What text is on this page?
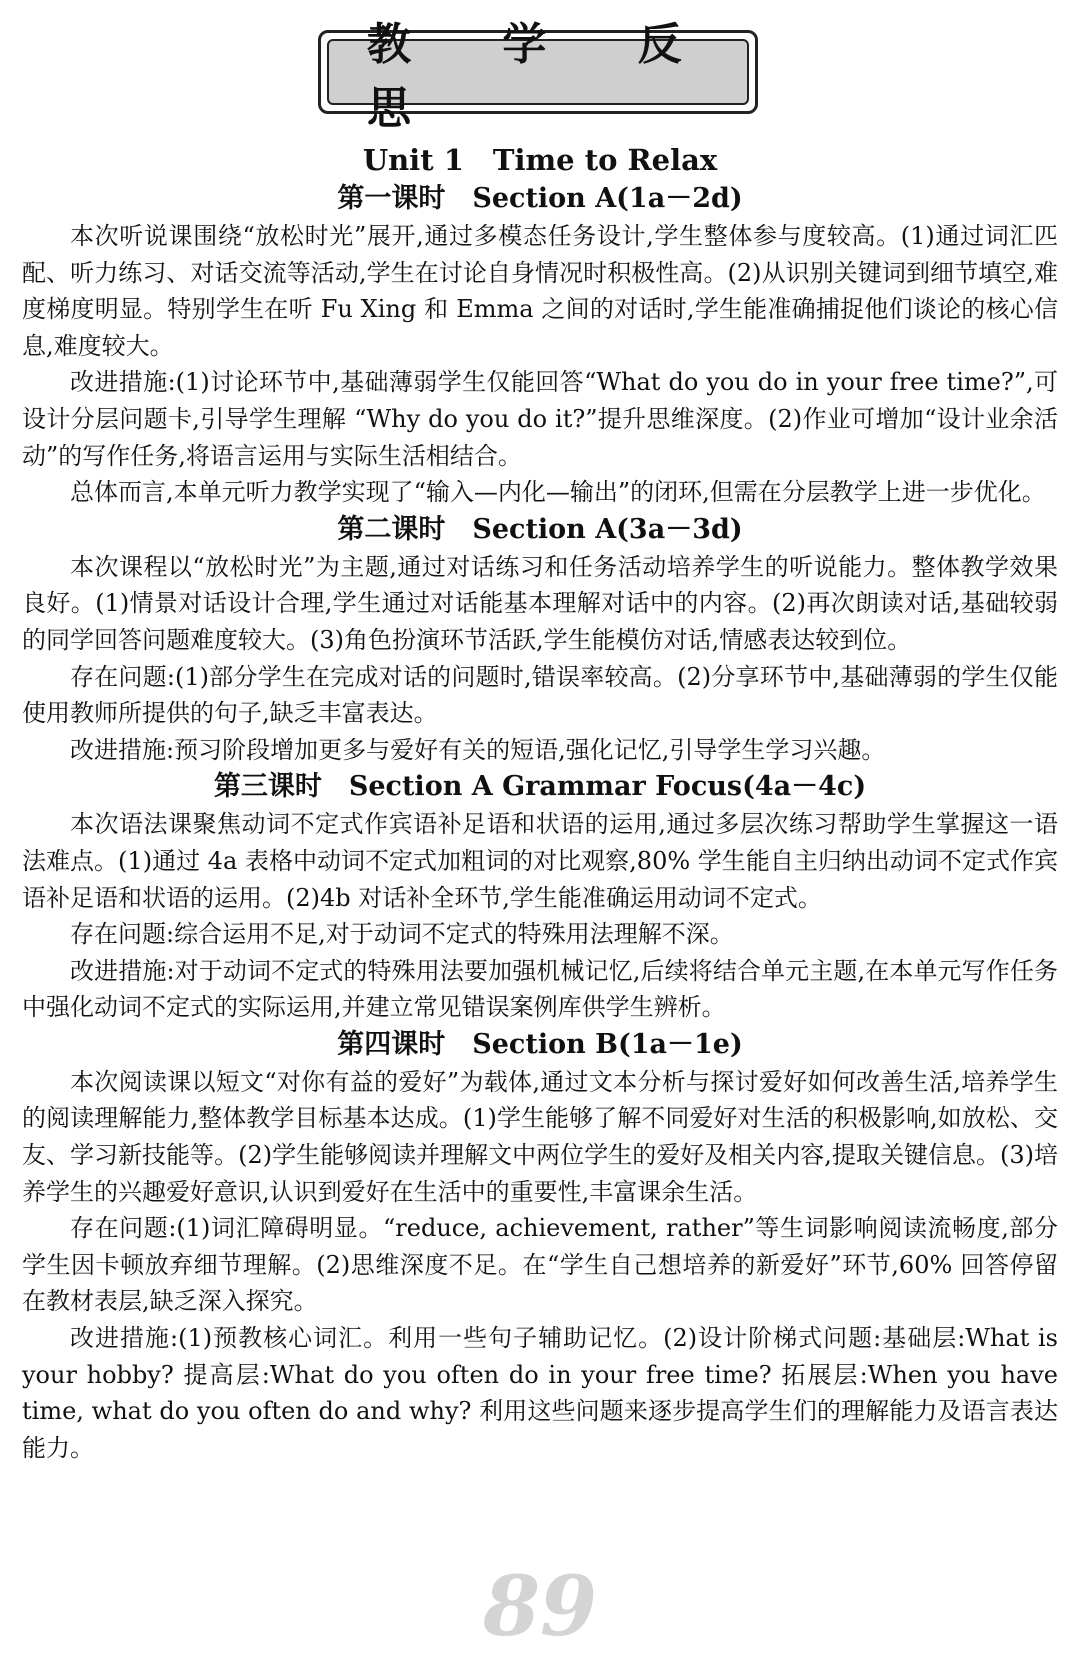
教 学 反 思
89
Unit 1　Time to Relax
第一课时　Section A(1a－2d)

本次听说课围绕“放松时光”展开,通过多模态任务设计,学生整体参与度较高。(1)通过词汇匹配、听力练习、对话交流等活动,学生在讨论自身情况时积极性高。(2)从识别关键词到细节填空,难度梯度明显。特别学生在听 Fu Xing 和 Emma 之间的对话时,学生能准确捕捉他们谈论的核心信息,难度较大。

改进措施:(1)讨论环节中,基础薄弱学生仅能回答“What do you do in your free time?”,可设计分层问题卡,引导学生理解 “Why do you do it?”提升思维深度。(2)作业可增加“设计业余活动”的写作任务,将语言运用与实际生活相结合。

总体而言,本单元听力教学实现了“输入—内化—输出”的闭环,但需在分层教学上进一步优化。

第二课时　Section A(3a－3d)

本次课程以“放松时光”为主题,通过对话练习和任务活动培养学生的听说能力。整体教学效果良好。(1)情景对话设计合理,学生通过对话能基本理解对话中的内容。(2)再次朗读对话,基础较弱的同学回答问题难度较大。(3)角色扮演环节活跃,学生能模仿对话,情感表达较到位。

存在问题:(1)部分学生在完成对话的问题时,错误率较高。(2)分享环节中,基础薄弱的学生仅能使用教师所提供的句子,缺乏丰富表达。

改进措施:预习阶段增加更多与爱好有关的短语,强化记忆,引导学生学习兴趣。

第三课时　Section A Grammar Focus(4a－4c)

本次语法课聚焦动词不定式作宾语补足语和状语的运用,通过多层次练习帮助学生掌握这一语法难点。(1)通过 4a 表格中动词不定式加粗词的对比观察,80% 学生能自主归纳出动词不定式作宾语补足语和状语的运用。(2)4b 对话补全环节,学生能准确运用动词不定式。

存在问题:综合运用不足,对于动词不定式的特殊用法理解不深。

改进措施:对于动词不定式的特殊用法要加强机械记忆,后续将结合单元主题,在本单元写作任务中强化动词不定式的实际运用,并建立常见错误案例库供学生辨析。

第四课时　Section B(1a－1e)

本次阅读课以短文“对你有益的爱好”为载体,通过文本分析与探讨爱好如何改善生活,培养学生的阅读理解能力,整体教学目标基本达成。(1)学生能够了解不同爱好对生活的积极影响,如放松、交友、学习新技能等。(2)学生能够阅读并理解文中两位学生的爱好及相关内容,提取关键信息。(3)培养学生的兴趣爱好意识,认识到爱好在生活中的重要性,丰富课余生活。

存在问题:(1)词汇障碍明显。“reduce, achievement, rather”等生词影响阅读流畅度,部分学生因卡顿放弃细节理解。(2)思维深度不足。在“学生自己想培养的新爱好”环节,60% 回答停留在教材表层,缺乏深入探究。

改进措施:(1)预教核心词汇。利用一些句子辅助记忆。(2)设计阶梯式问题:基础层:What is your hobby? 提高层:What do you often do in your free time? 拓展层:When you have time, what do you often do and why? 利用这些问题来逐步提高学生们的理解能力及语言表达能力。
